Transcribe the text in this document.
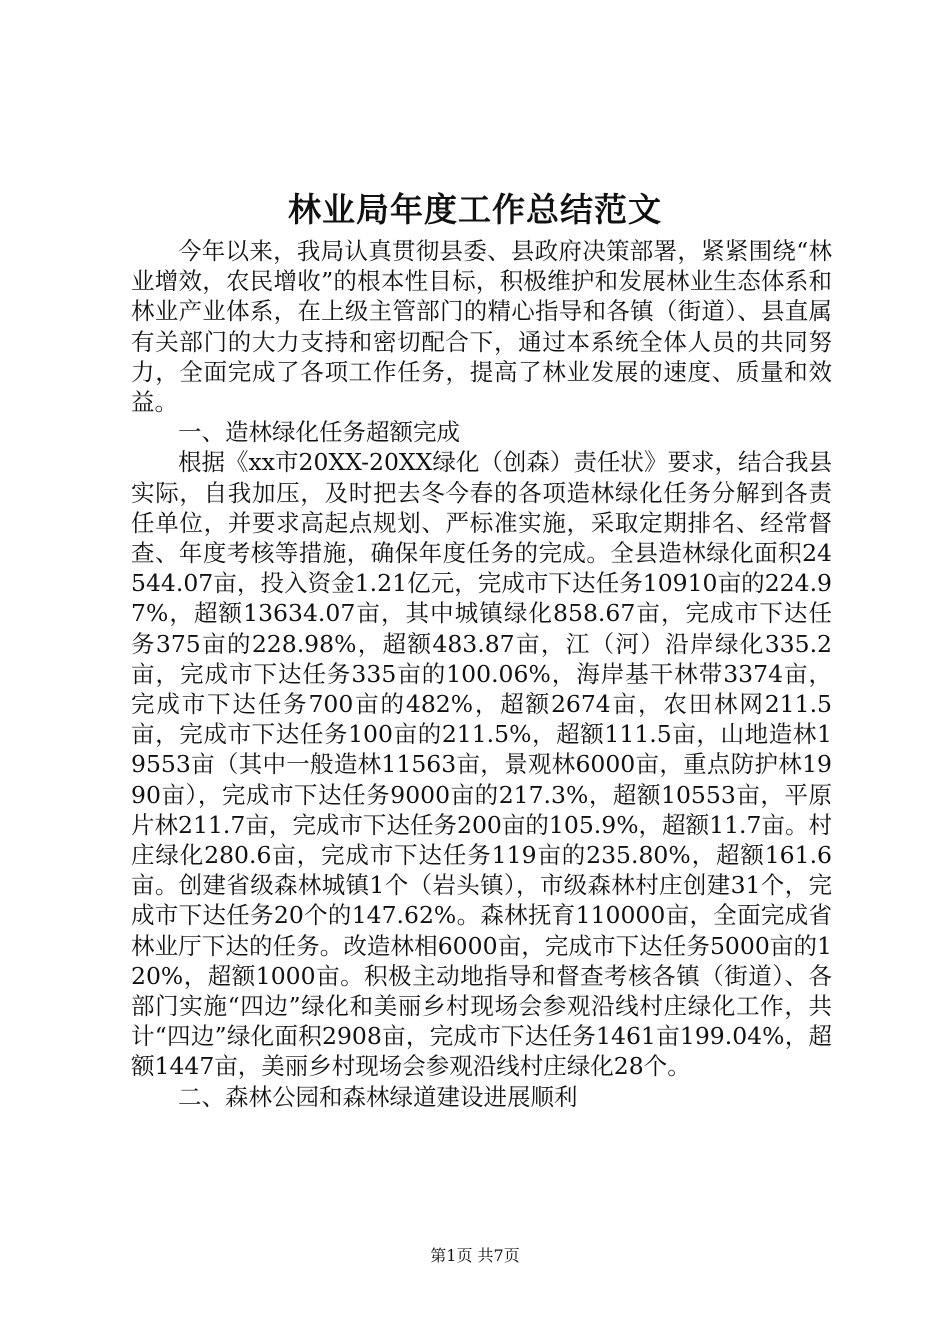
林业局年度工作总结范文

今年以来，我局认真贯彻县委、县政府决策部署，紧紧围绕“林业增效，农民增收”的根本性目标，积极维护和发展林业生态体系和林业产业体系，在上级主管部门的精心指导和各镇（街道）、县直属有关部门的大力支持和密切配合下，通过本系统全体人员的共同努力，全面完成了各项工作任务，提高了林业发展的速度、质量和效益。

一、造林绿化任务超额完成

根据《xx市20XX-20XX绿化（创森）责任状》要求，结合我县实际，自我加压，及时把去冬今春的各项造林绿化任务分解到各责任单位，并要求高起点规划、严标准实施，采取定期排名、经常督查、年度考核等措施，确保年度任务的完成。全县造林绿化面积24544.07亩，投入资金1.21亿元，完成市下达任务10910亩的224.97%，超额13634.07亩，其中城镇绿化858.67亩，完成市下达任务375亩的228.98%，超额483.87亩，江（河）沿岸绿化335.2亩，完成市下达任务335亩的100.06%，海岸基干林带3374亩，完成市下达任务700亩的482%，超额2674亩，农田林网211.5亩，完成市下达任务100亩的211.5%，超额111.5亩，山地造林19553亩（其中一般造林11563亩，景观林6000亩，重点防护林1990亩），完成市下达任务9000亩的217.3%，超额10553亩，平原片林211.7亩，完成市下达任务200亩的105.9%，超额11.7亩。村庄绿化280.6亩，完成市下达任务119亩的235.80%，超额161.6亩。创建省级森林城镇1个（岩头镇），市级森林村庄创建31个，完成市下达任务20个的147.62%。森林抚育110000亩，全面完成省林业厅下达的任务。改造林相6000亩，完成市下达任务5000亩的120%，超额1000亩。积极主动地指导和督查考核各镇（街道）、各部门实施“四边”绿化和美丽乡村现场会参观沿线村庄绿化工作，共计“四边”绿化面积2908亩，完成市下达任务1461亩199.04%，超额1447亩，美丽乡村现场会参观沿线村庄绿化28个。

二、森林公园和森林绿道建设进展顺利

第1页 共7页
